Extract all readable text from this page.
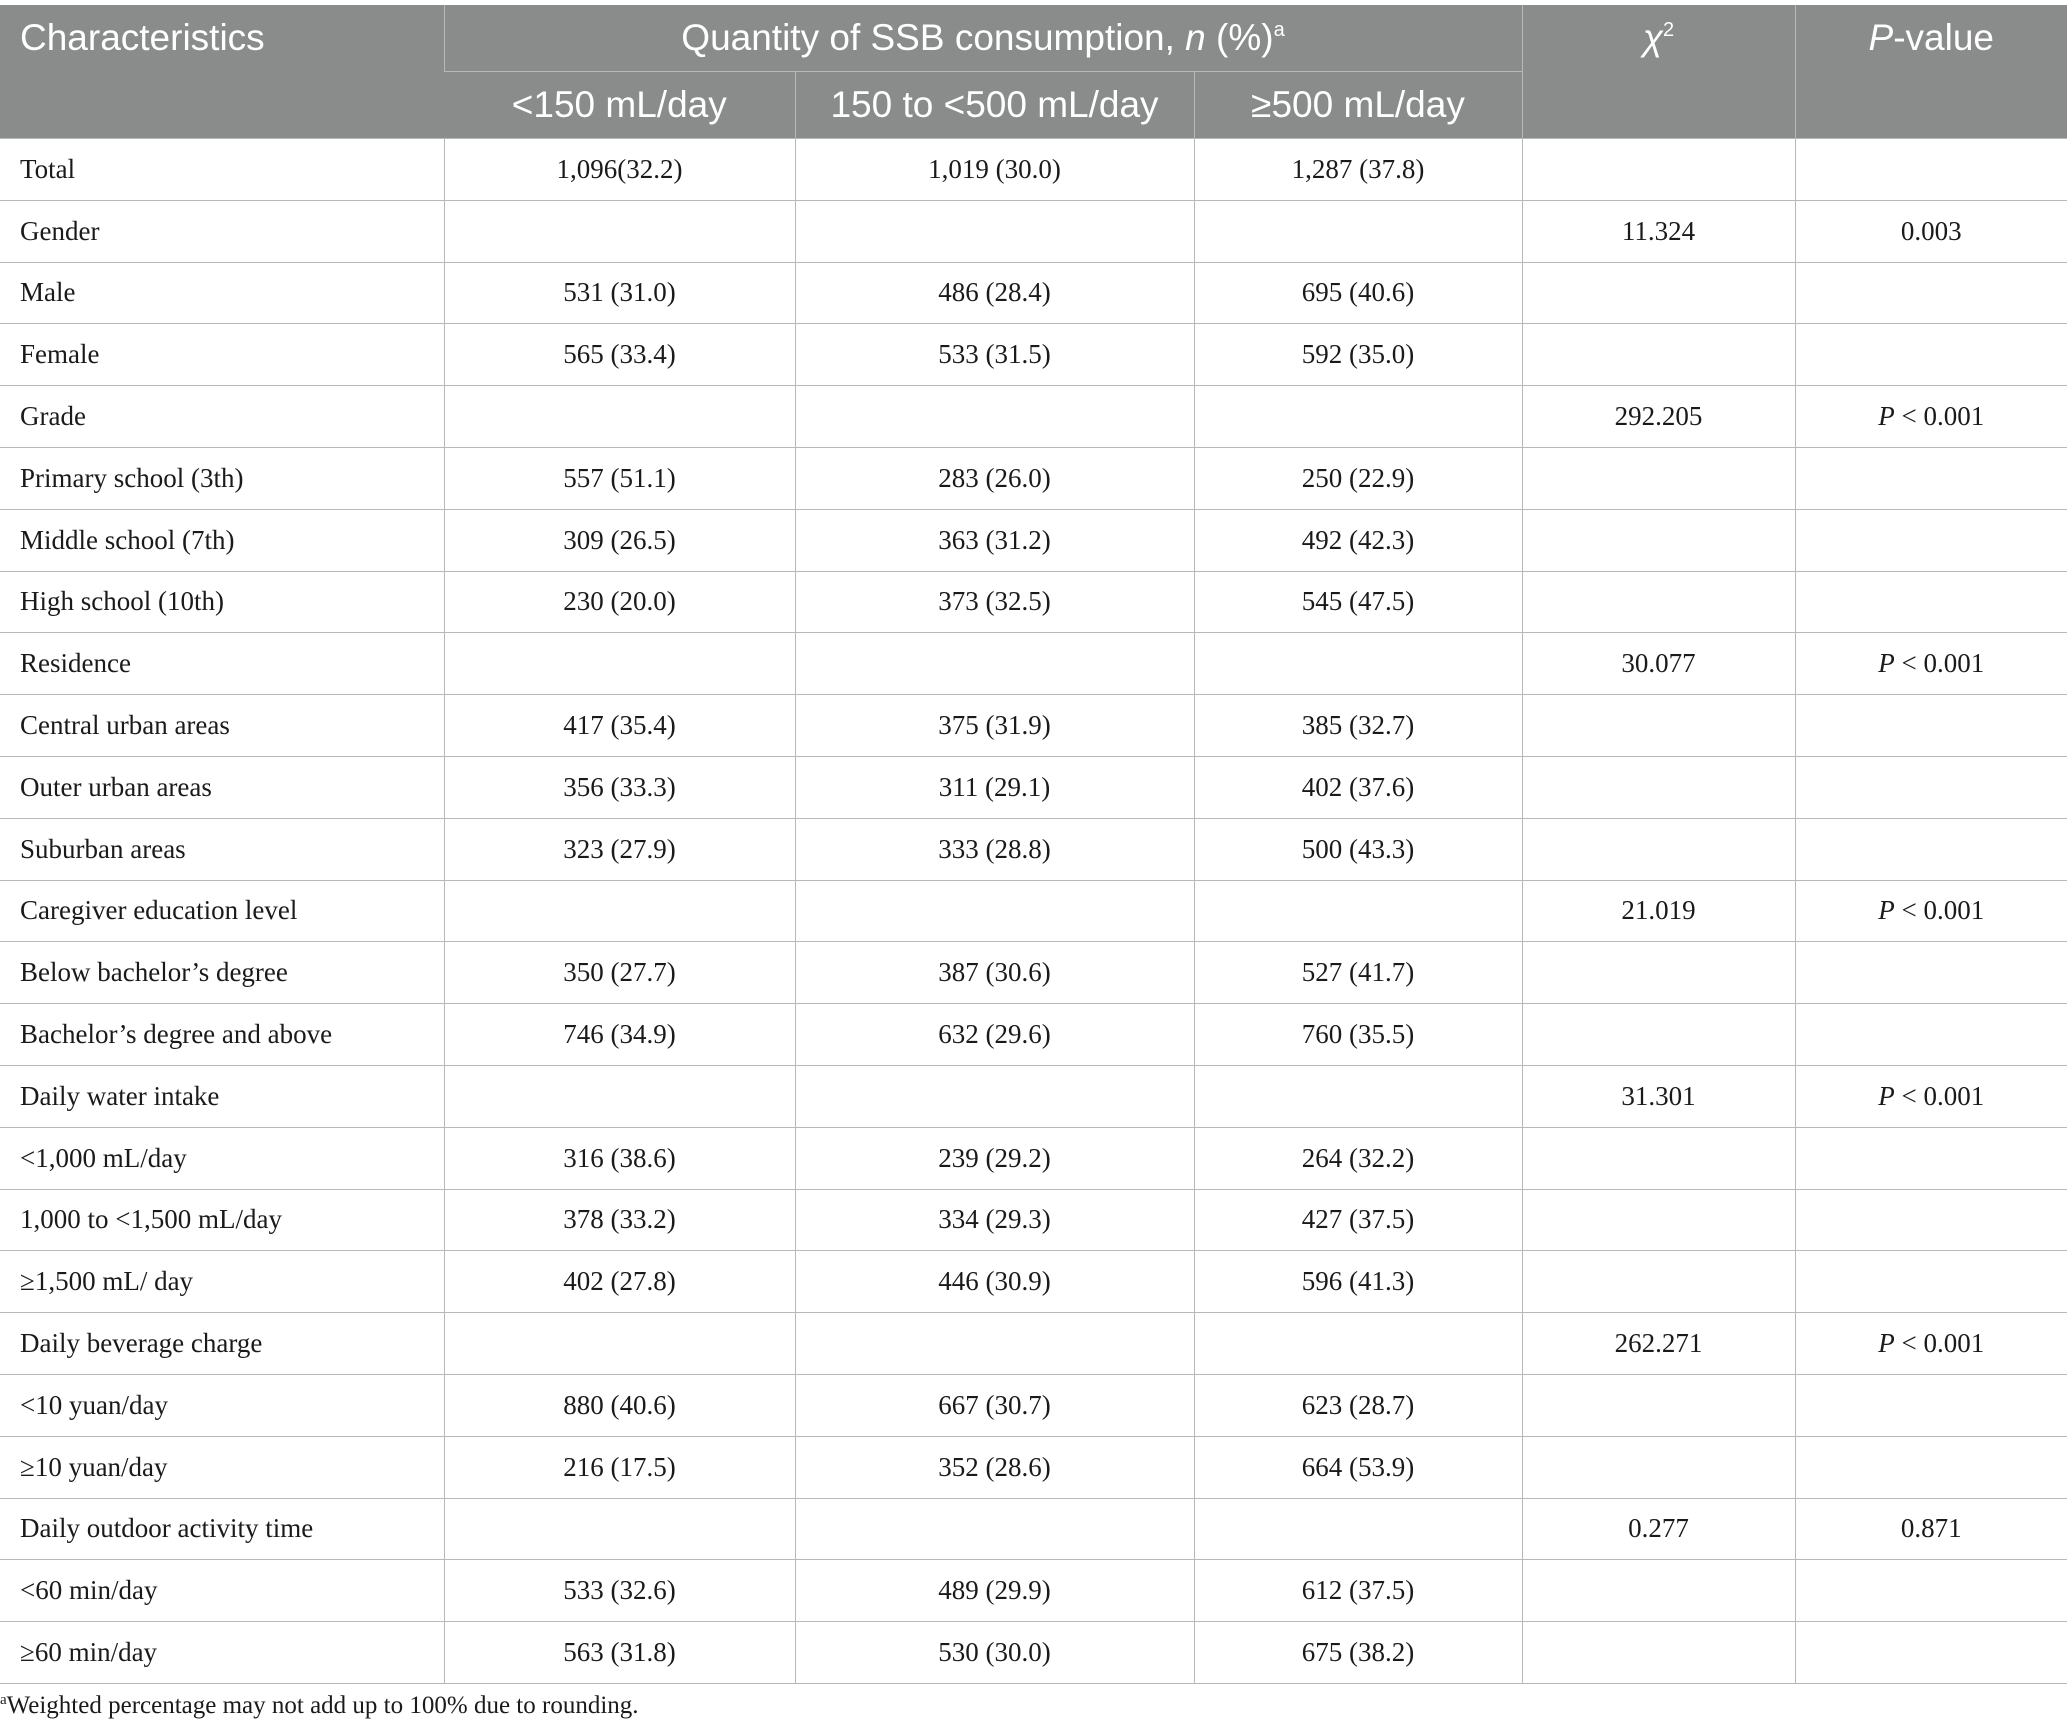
Characteristics	Quantity of SSB consumption, n (%)$^a$			$\chi^2$	P-value
	<150 mL/day	150 to <500 mL/day	≥500 mL/day		
Total	1,096(32.2)	1,019 (30.0)	1,287 (37.8)		
Gender				11.324	0.003
Male	531 (31.0)	486 (28.4)	695 (40.6)		
Female	565 (33.4)	533 (31.5)	592 (35.0)		
Grade				292.205	P < 0.001
Primary school (3th)	557 (51.1)	283 (26.0)	250 (22.9)		
Middle school (7th)	309 (26.5)	363 (31.2)	492 (42.3)		
High school (10th)	230 (20.0)	373 (32.5)	545 (47.5)		
Residence				30.077	P < 0.001
Central urban areas	417 (35.4)	375 (31.9)	385 (32.7)		
Outer urban areas	356 (33.3)	311 (29.1)	402 (37.6)		
Suburban areas	323 (27.9)	333 (28.8)	500 (43.3)		
Caregiver education level				21.019	P < 0.001
Below bachelor’s degree	350 (27.7)	387 (30.6)	527 (41.7)		
Bachelor’s degree and above	746 (34.9)	632 (29.6)	760 (35.5)		
Daily water intake				31.301	P < 0.001
<1,000 mL/day	316 (38.6)	239 (29.2)	264 (32.2)		
1,000 to <1,500 mL/day	378 (33.2)	334 (29.3)	427 (37.5)		
≥1,500 mL/ day	402 (27.8)	446 (30.9)	596 (41.3)		
Daily beverage charge				262.271	P < 0.001
<10 yuan/day	880 (40.6)	667 (30.7)	623 (28.7)		
≥10 yuan/day	216 (17.5)	352 (28.6)	664 (53.9)		
Daily outdoor activity time				0.277	0.871
<60 min/day	533 (32.6)	489 (29.9)	612 (37.5)		
≥60 min/day	563 (31.8)	530 (30.0)	675 (38.2)		
$^a$Weighted percentage may not add up to 100% due to rounding.
